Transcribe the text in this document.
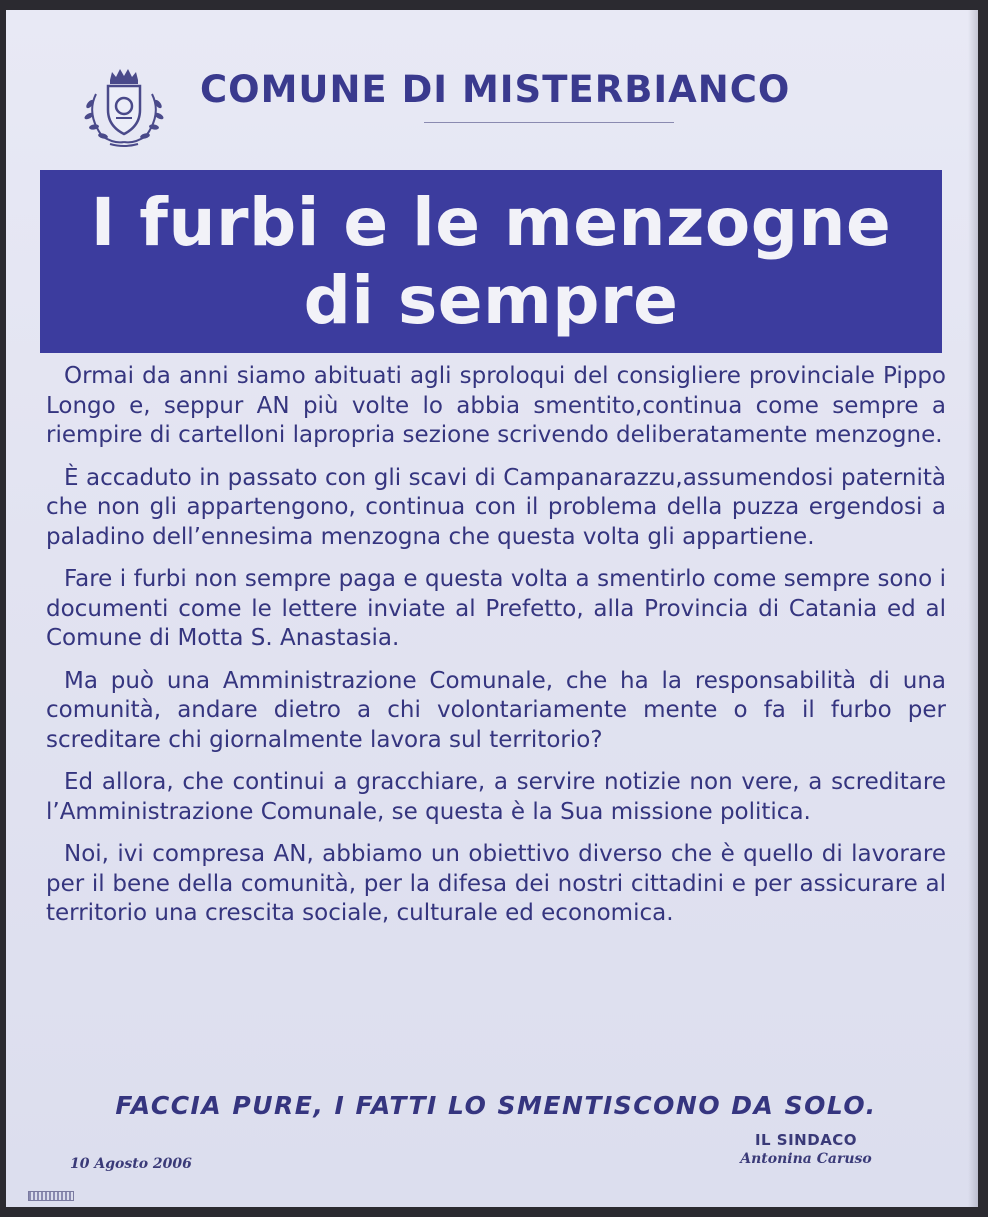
COMUNE DI MISTERBIANCO
I furbi e le menzogne
di sempre

Ormai da anni siamo abituati agli sproloqui del consigliere provinciale Pippo Longo e, seppur AN più volte lo abbia smentito,continua come sempre a riempire di cartelloni lapropria sezione scrivendo deliberatamente menzogne.

È accaduto in passato con gli scavi di Campanarazzu,assumendosi paternità che non gli appartengono, continua con il problema della puzza ergendosi a paladino dell’ennesima menzogna che questa volta gli appartiene.

Fare i furbi non sempre paga e questa volta a smentirlo come sempre sono i documenti come le lettere inviate al Prefetto, alla Provincia di Catania ed al Comune di Motta S. Anastasia.

Ma può una Amministrazione Comunale, che ha la responsabilità di una comunità, andare dietro a chi volontariamente mente o fa il furbo per screditare chi giornalmente lavora sul territorio?

Ed allora, che continui a gracchiare, a servire notizie non vere, a screditare l’Amministrazione Comunale, se questa è la Sua missione politica.

Noi, ivi compresa AN, abbiamo un obiettivo diverso che è quello di lavorare per il bene della comunità, per la difesa dei nostri cittadini e per assicurare al territorio una crescita sociale, culturale ed economica.

FACCIA PURE, I FATTI LO SMENTISCONO DA SOLO.
10 Agosto 2006
IL SINDACO
Antonina Caruso
